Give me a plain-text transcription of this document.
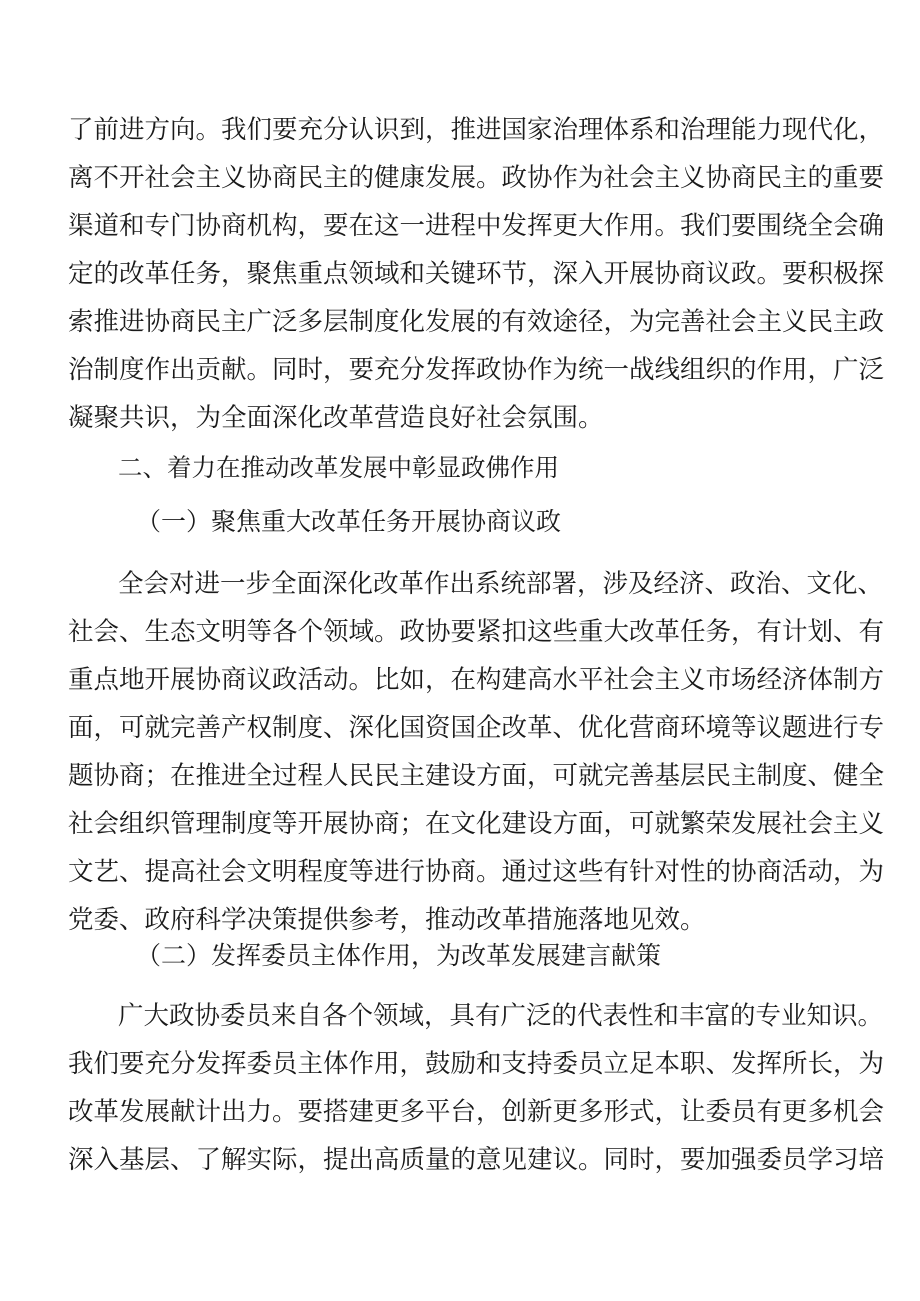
了前进方向。我们要充分认识到，推进国家治理体系和治理能力现代化，
离不开社会主义协商民主的健康发展。政协作为社会主义协商民主的重要
渠道和专门协商机构，要在这一进程中发挥更大作用。我们要围绕全会确
定的改革任务，聚焦重点领域和关键环节，深入开展协商议政。要积极探
索推进协商民主广泛多层制度化发展的有效途径，为完善社会主义民主政
治制度作出贡献。同时，要充分发挥政协作为统一战线组织的作用，广泛
凝聚共识，为全面深化改革营造良好社会氛围。
二、着力在推动改革发展中彰显政佛作用
（一）聚焦重大改革任务开展协商议政
全会对进一步全面深化改革作出系统部署，涉及经济、政治、文化、
社会、生态文明等各个领域。政协要紧扣这些重大改革任务，有计划、有
重点地开展协商议政活动。比如，在构建高水平社会主义市场经济体制方
面，可就完善产权制度、深化国资国企改革、优化营商环境等议题进行专
题协商；在推进全过程人民民主建设方面，可就完善基层民主制度、健全
社会组织管理制度等开展协商；在文化建设方面，可就繁荣发展社会主义
文艺、提高社会文明程度等进行协商。通过这些有针对性的协商活动，为
党委、政府科学决策提供参考，推动改革措施落地见效。
（二）发挥委员主体作用，为改革发展建言献策
广大政协委员来自各个领域，具有广泛的代表性和丰富的专业知识。
我们要充分发挥委员主体作用，鼓励和支持委员立足本职、发挥所长，为
改革发展献计出力。要搭建更多平台，创新更多形式，让委员有更多机会
深入基层、了解实际，提出高质量的意见建议。同时，要加强委员学习培
